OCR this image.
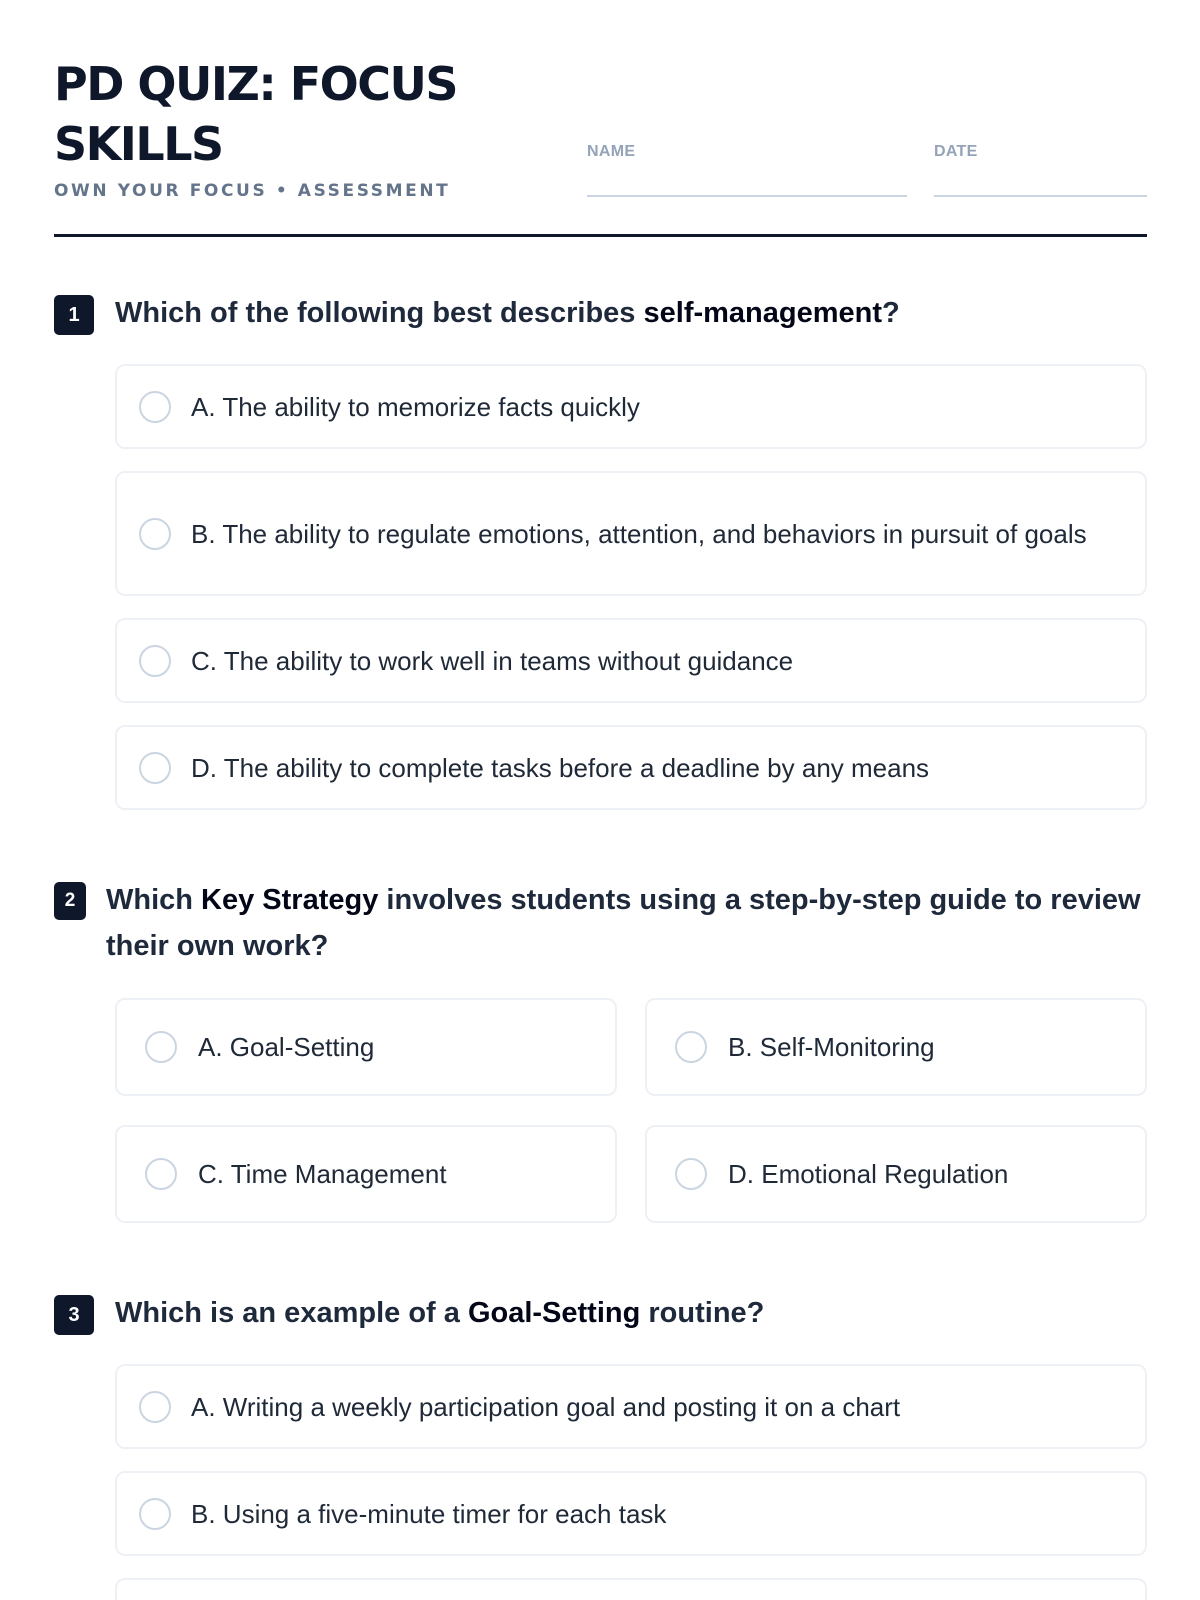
PD QUIZ: FOCUS SKILLS
OWN YOUR FOCUS • ASSESSMENT
NAME	DATE
1	Which of the following best describes self-management?

A. The ability to memorize facts quickly
B. The ability to regulate emotions, attention, and behaviors in pursuit of goals
C. The ability to work well in teams without guidance
D. The ability to complete tasks before a deadline by any means
2	Which Key Strategy involves students using a step-by-step guide to review their own work?

A. Goal-Setting	B. Self-Monitoring
C. Time Management	D. Emotional Regulation
3	Which is an example of a Goal-Setting routine?

A. Writing a weekly participation goal and posting it on a chart
B. Using a five-minute timer for each task
